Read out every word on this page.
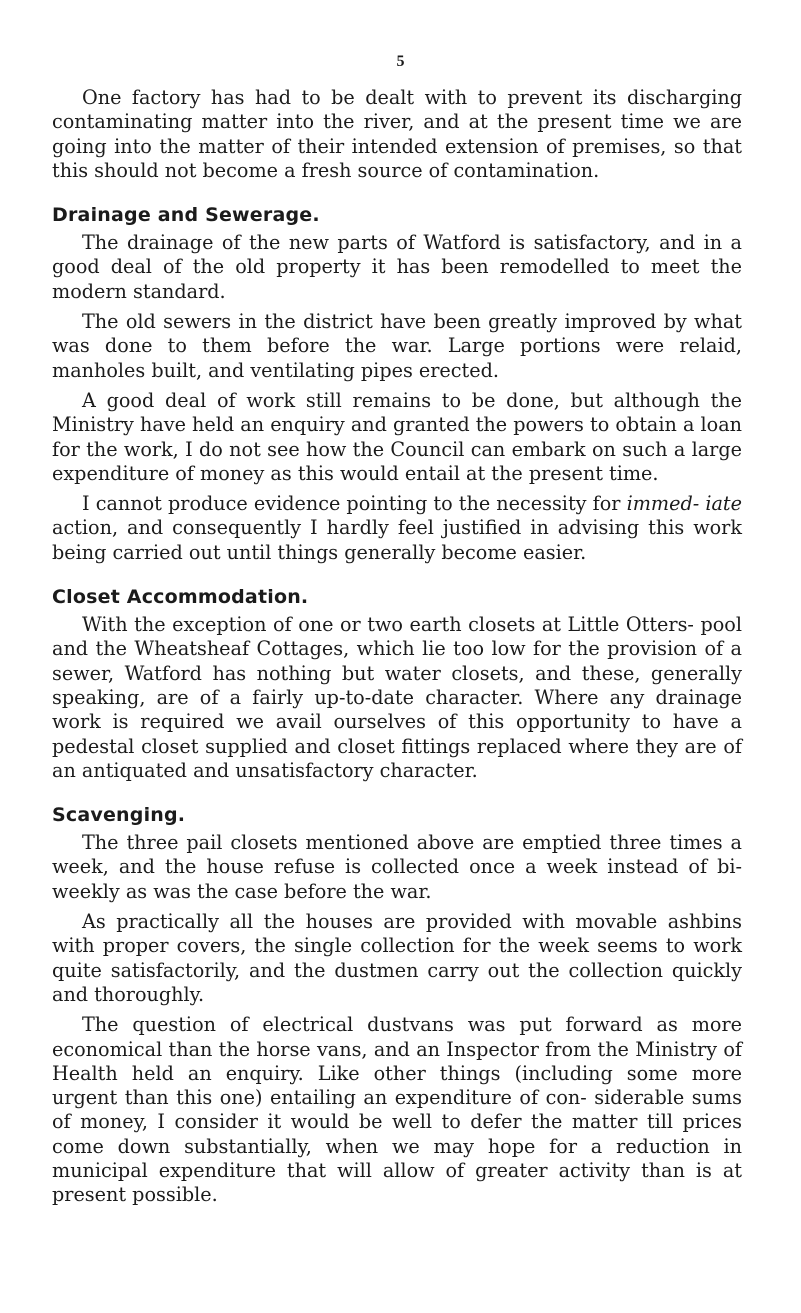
5

One factory has had to be dealt with to prevent its discharging contaminating matter into the river, and at the present time we are going into the matter of their intended extension of premises, so that this should not become a fresh source of contamination.

Drainage and Sewerage.

The drainage of the new parts of Watford is satisfactory, and in a good deal of the old property it has been remodelled to meet the modern standard.

The old sewers in the district have been greatly improved by what was done to them before the war. Large portions were relaid, manholes built, and ventilating pipes erected.

A good deal of work still remains to be done, but although the Ministry have held an enquiry and granted the powers to obtain a loan for the work, I do not see how the Council can embark on such a large expenditure of money as this would entail at the present time.

I cannot produce evidence pointing to the necessity for immed- iate action, and consequently I hardly feel justified in advising this work being carried out until things generally become easier.

Closet Accommodation.

With the exception of one or two earth closets at Little Otters- pool and the Wheatsheaf Cottages, which lie too low for the provision of a sewer, Watford has nothing but water closets, and these, generally speaking, are of a fairly up-to-date character. Where any drainage work is required we avail ourselves of this opportunity to have a pedestal closet supplied and closet fittings replaced where they are of an antiquated and unsatisfactory character.

Scavenging.

The three pail closets mentioned above are emptied three times a week, and the house refuse is collected once a week instead of bi-weekly as was the case before the war.

As practically all the houses are provided with movable ashbins with proper covers, the single collection for the week seems to work quite satisfactorily, and the dustmen carry out the collection quickly and thoroughly.

The question of electrical dustvans was put forward as more economical than the horse vans, and an Inspector from the Ministry of Health held an enquiry. Like other things (including some more urgent than this one) entailing an expenditure of con- siderable sums of money, I consider it would be well to defer the matter till prices come down substantially, when we may hope for a reduction in municipal expenditure that will allow of greater activity than is at present possible.
